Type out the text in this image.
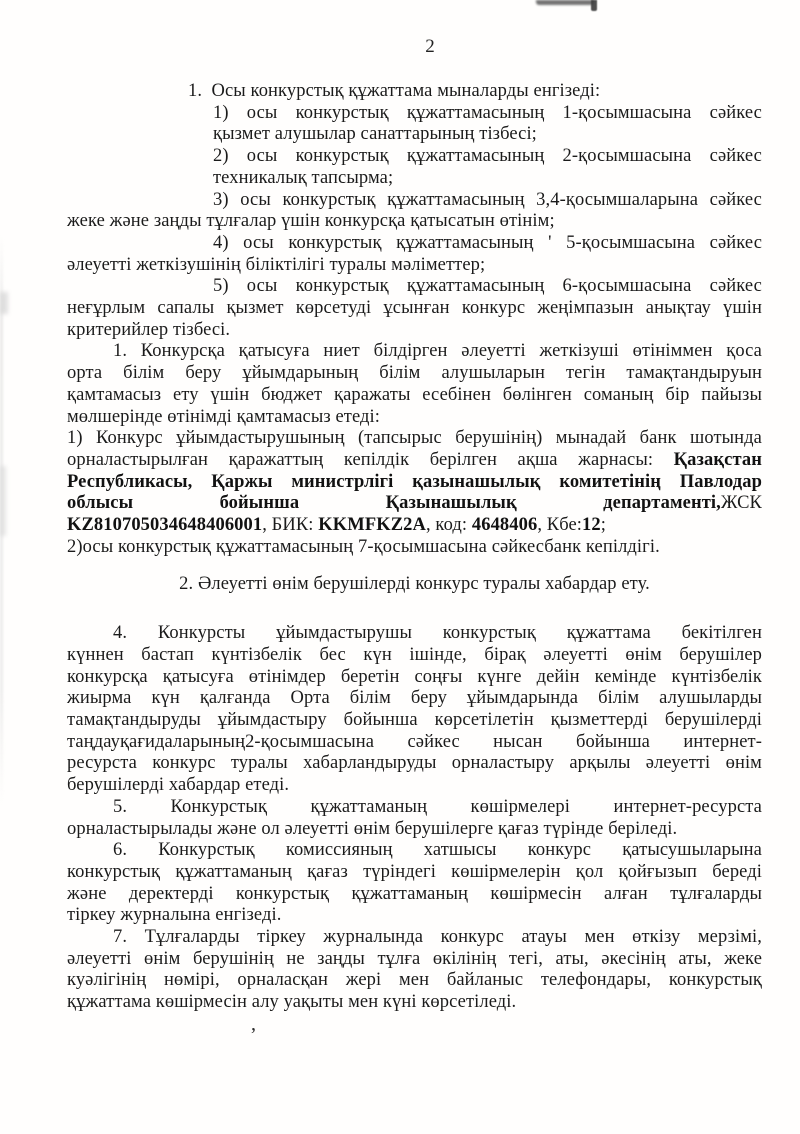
2
1.  Осы конкурстық құжаттама мыналарды енгізеді:
1) осы конкурстық құжаттамасының 1-қосымшасына сәйкес
қызмет алушылар санаттарының тізбесі;
2) осы конкурстық құжаттамасының 2-қосымшасына сәйкес
техникалық тапсырма;
3) осы конкурстық құжаттамасының 3,4-қосымшаларына сәйкес
жеке және заңды тұлғалар үшін конкурсқа қатысатын өтінім;
4) осы конкурстық құжаттамасының ' 5-қосымшасына сәйкес
әлеуетті жеткізушінің біліктілігі туралы мәліметтер;
5) осы конкурстық құжаттамасының 6-қосымшасына сәйкес
неғұрлым сапалы қызмет көрсетуді ұсынған конкурс жеңімпазын анықтау үшін
критерийлер тізбесі.
1. Конкурсқа қатысуға ниет білдірген әлеуетті жеткізуші өтініммен қоса
орта білім беру ұйымдарының білім алушыларын тегін тамақтандыруын
қамтамасыз ету үшін бюджет қаражаты есебінен бөлінген соманың бір пайызы
мөлшерінде өтінімді қамтамасыз етеді:
1) Конкурс ұйымдастырушының (тапсырыс берушінің) мынадай банк шотында
орналастырылған қаражаттың кепілдік берілген ақша жарнасы: Қазақстан
Республикасы, Қаржы министрлігі қазынашылық комитетінің Павлодар
облысы бойынша Қазынашылық департаменті,ЖСК
KZ810705034648406001, БИК: KKMFKZ2A, код: 4648406, Кбе:12;
2)осы конкурстық құжаттамасының 7-қосымшасына сәйкесбанк кепілдігі.
2. Әлеуетті өнім берушілерді конкурс туралы хабардар ету.
4. Конкурсты ұйымдастырушы конкурстық құжаттама бекітілген
күннен бастап күнтізбелік бес күн ішінде, бірақ әлеуетті өнім берушілер
конкурсқа қатысуға өтінімдер беретін соңғы күнге дейін кемінде күнтізбелік
жиырма күн қалғанда Орта білім беру ұйымдарында білім алушыларды
тамақтандыруды ұйымдастыру бойынша көрсетілетін қызметтерді берушілерді
таңдауқағидаларының2-қосымшасына сәйкес нысан бойынша интернет-
ресурста конкурс туралы хабарландыруды орналастыру арқылы әлеуетті өнім
берушілерді хабардар етеді.
5. Конкурстық құжаттаманың көшірмелері интернет-ресурста
орналастырылады және ол әлеуетті өнім берушілерге қағаз түрінде беріледі.
6. Конкурстық комиссияның хатшысы конкурс қатысушыларына
конкурстық құжаттаманың қағаз түріндегі көшірмелерін қол қойғызып береді
және деректерді конкурстық құжаттаманың көшірмесін алған тұлғаларды
тіркеу журналына енгізеді.
7. Тұлғаларды тіркеу журналында конкурс атауы мен өткізу мерзімі,
әлеуетті өнім берушінің не заңды тұлға өкілінің тегі, аты, әкесінің аты, жеке
куәлігінің нөмірі, орналасқан жері мен байланыс телефондары, конкурстық
құжаттама көшірмесін алу уақыты мен күні көрсетіледі.
’
